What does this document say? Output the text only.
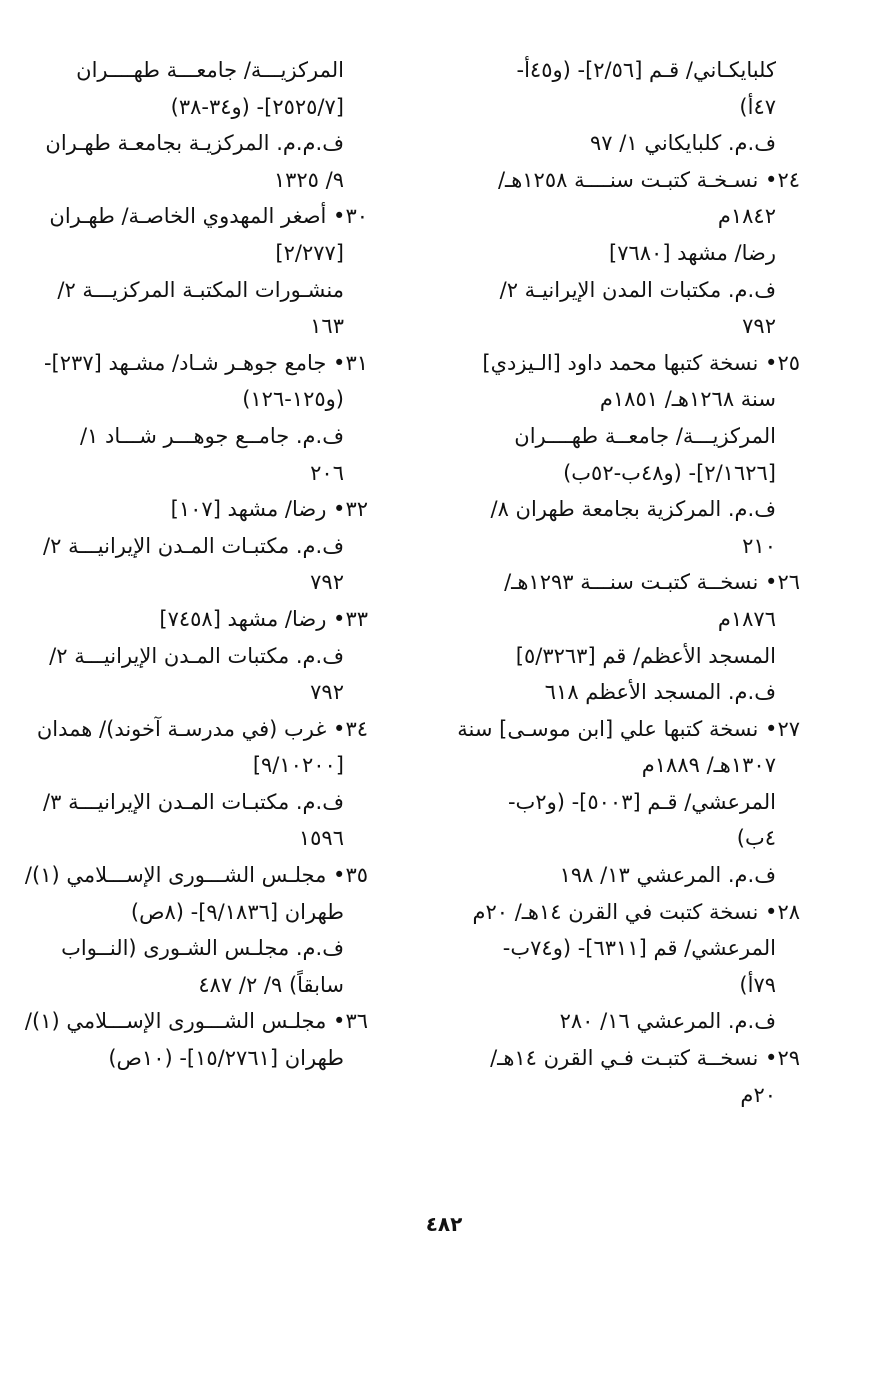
كلبايكـاني/ قـم [٢/٥٦]- (و٤٥أ-
٤٧أ)
ف.م. كلبايكاني ١/ ٩٧
٢٤• نسـخـة كتبـت سنــــة ١٢٥٨هـ/
١٨٤٢م
رضا/ مشهد [٧٦٨٠]
ف.م. مكتبات المدن الإيرانيـة ٢/
٧٩٢
٢٥• نسخة كتبها محمد داود [الـيزدي]
سنة ١٢٦٨هـ/ ١٨٥١م
المركزيـــة/ جامعــة طهــــران
[٢/١٦٢٦]- (و٤٨ب-٥٢ب)
ف.م. المركزية بجامعة طهران ٨/
٢١٠
٢٦• نسخــة كتبـت سنـــة ١٢٩٣هـ/
١٨٧٦م
المسجد الأعظم/ قم [٥/٣٢٦٣]
ف.م. المسجد الأعظم ٦١٨
٢٧• نسخة كتبها علي [ابن موسـى] سنة
١٣٠٧هـ/ ١٨٨٩م
المرعشي/ قـم [٥٠٠٣]- (و٢ب-
٤ب)
ف.م. المرعشي ١٣/ ١٩٨
٢٨• نسخة كتبت في القرن ١٤هـ/ ٢٠م
المرعشي/ قم [٦٣١١]- (و٧٤ب-
٧٩أ)
ف.م. المرعشي ١٦/ ٢٨٠
٢٩• نسخــة كتبـت فـي القرن ١٤هـ/
٢٠م
المركزيـــة/ جامعـــة طهــــران
[٢٥٢٥/٧]- (و٣٤-٣٨)
ف.م.م. المركزيـة بجامعـة طهـران
٩/ ١٣٢٥
٣٠• أصغر المهدوي الخاصـة/ طهـران
[٢/٢٧٧]
منشـورات المكتبـة المركزيـــة ٢/
١٦٣
٣١• جامع جوهـر شـاد/ مشـهد [٢٣٧]-
(و١٢٥-١٢٦)
ف.م. جامــع جوهـــر شـــاد ١/
٢٠٦
٣٢• رضا/ مشهد [١٠٧]
ف.م. مكتبـات المـدن الإيرانيـــة ٢/
٧٩٢
٣٣• رضا/ مشهد [٧٤٥٨]
ف.م. مكتبات المـدن الإيرانيـــة ٢/
٧٩٢
٣٤• غرب (في مدرسـة آخوند)/ همدان
[٩/١٠٢٠٠]
ف.م. مكتبـات المـدن الإيرانيـــة ٣/
١٥٩٦
٣٥• مجلـس الشـــورى الإســـلامي (١)/
طهران [٩/١٨٣٦]- (٨ص)
ف.م. مجلـس الشـورى (النــواب
سابقاً) ٩/ ٢/ ٤٨٧
٣٦• مجلـس الشـــورى الإســـلامي (١)/
طهران [١٥/٢٧٦١]- (١٠ص)
٤٨٢
